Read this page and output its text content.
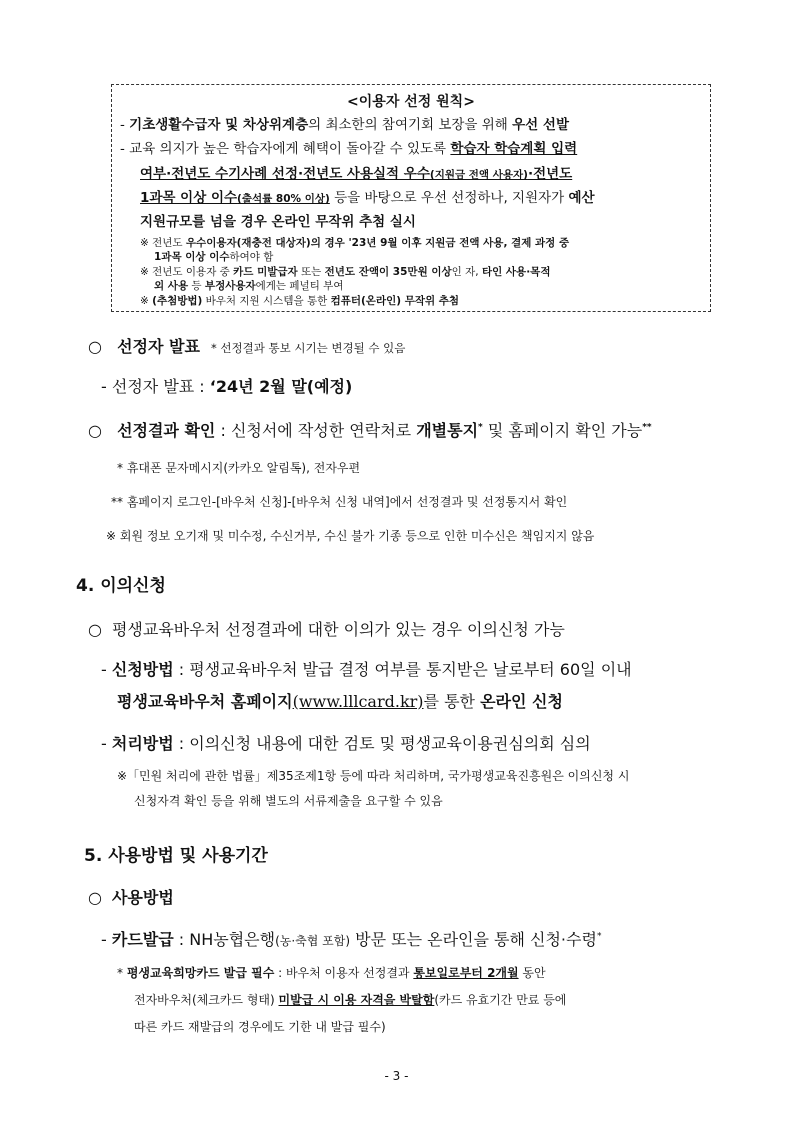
<이용자 선정 원칙>
- 기초생활수급자 및 차상위계층의 최소한의 참여기회 보장을 위해 우선 선발
- 교육 의지가 높은 학습자에게 혜택이 돌아갈 수 있도록 학습자 학습계획 입력
여부·전년도 수기사례 선정·전년도 사용실적 우수(지원금 전액 사용자)·전년도
1과목 이상 이수(출석률 80% 이상) 등을 바탕으로 우선 선정하나, 지원자가 예산
지원규모를 넘을 경우 온라인 무작위 추첨 실시
※ 전년도 우수이용자(재충전 대상자)의 경우 '23년 9월 이후 지원금 전액 사용, 결제 과정 중
1과목 이상 이수하여야 함
※ 전년도 이용자 중 카드 미발급자 또는 전년도 잔액이 35만원 이상인 자, 타인 사용·목적
외 사용 등 부정사용자에게는 페널티 부여
※ (추첨방법) 바우처 지원 시스템을 통한 컴퓨터(온라인) 무작위 추첨
○ 선정자 발표 * 선정결과 통보 시기는 변경될 수 있음
- 선정자 발표 : ‘24년 2월 말(예정)
○ 선정결과 확인 : 신청서에 작성한 연락처로 개별통지* 및 홈페이지 확인 가능**
* 휴대폰 문자메시지(카카오 알림톡), 전자우편
** 홈페이지 로그인-[바우처 신청]-[바우처 신청 내역]에서 선정결과 및 선정통지서 확인
※ 회원 정보 오기재 및 미수정, 수신거부, 수신 불가 기종 등으로 인한 미수신은 책임지지 않음
4. 이의신청
○ 평생교육바우처 선정결과에 대한 이의가 있는 경우 이의신청 가능
- 신청방법 : 평생교육바우처 발급 결정 여부를 통지받은 날로부터 60일 이내
평생교육바우처 홈페이지(www.lllcard.kr)를 통한 온라인 신청
- 처리방법 : 이의신청 내용에 대한 검토 및 평생교육이용권심의회 심의
※「민원 처리에 관한 법률」제35조제1항 등에 따라 처리하며, 국가평생교육진흥원은 이의신청 시
신청자격 확인 등을 위해 별도의 서류제출을 요구할 수 있음
5. 사용방법 및 사용기간
○ 사용방법
- 카드발급 : NH농협은행(농·축협 포함) 방문 또는 온라인을 통해 신청·수령*
* 평생교육희망카드 발급 필수 : 바우처 이용자 선정결과 통보일로부터 2개월 동안
전자바우처(체크카드 형태) 미발급 시 이용 자격을 박탈함(카드 유효기간 만료 등에
따른 카드 재발급의 경우에도 기한 내 발급 필수)
- 3 -
